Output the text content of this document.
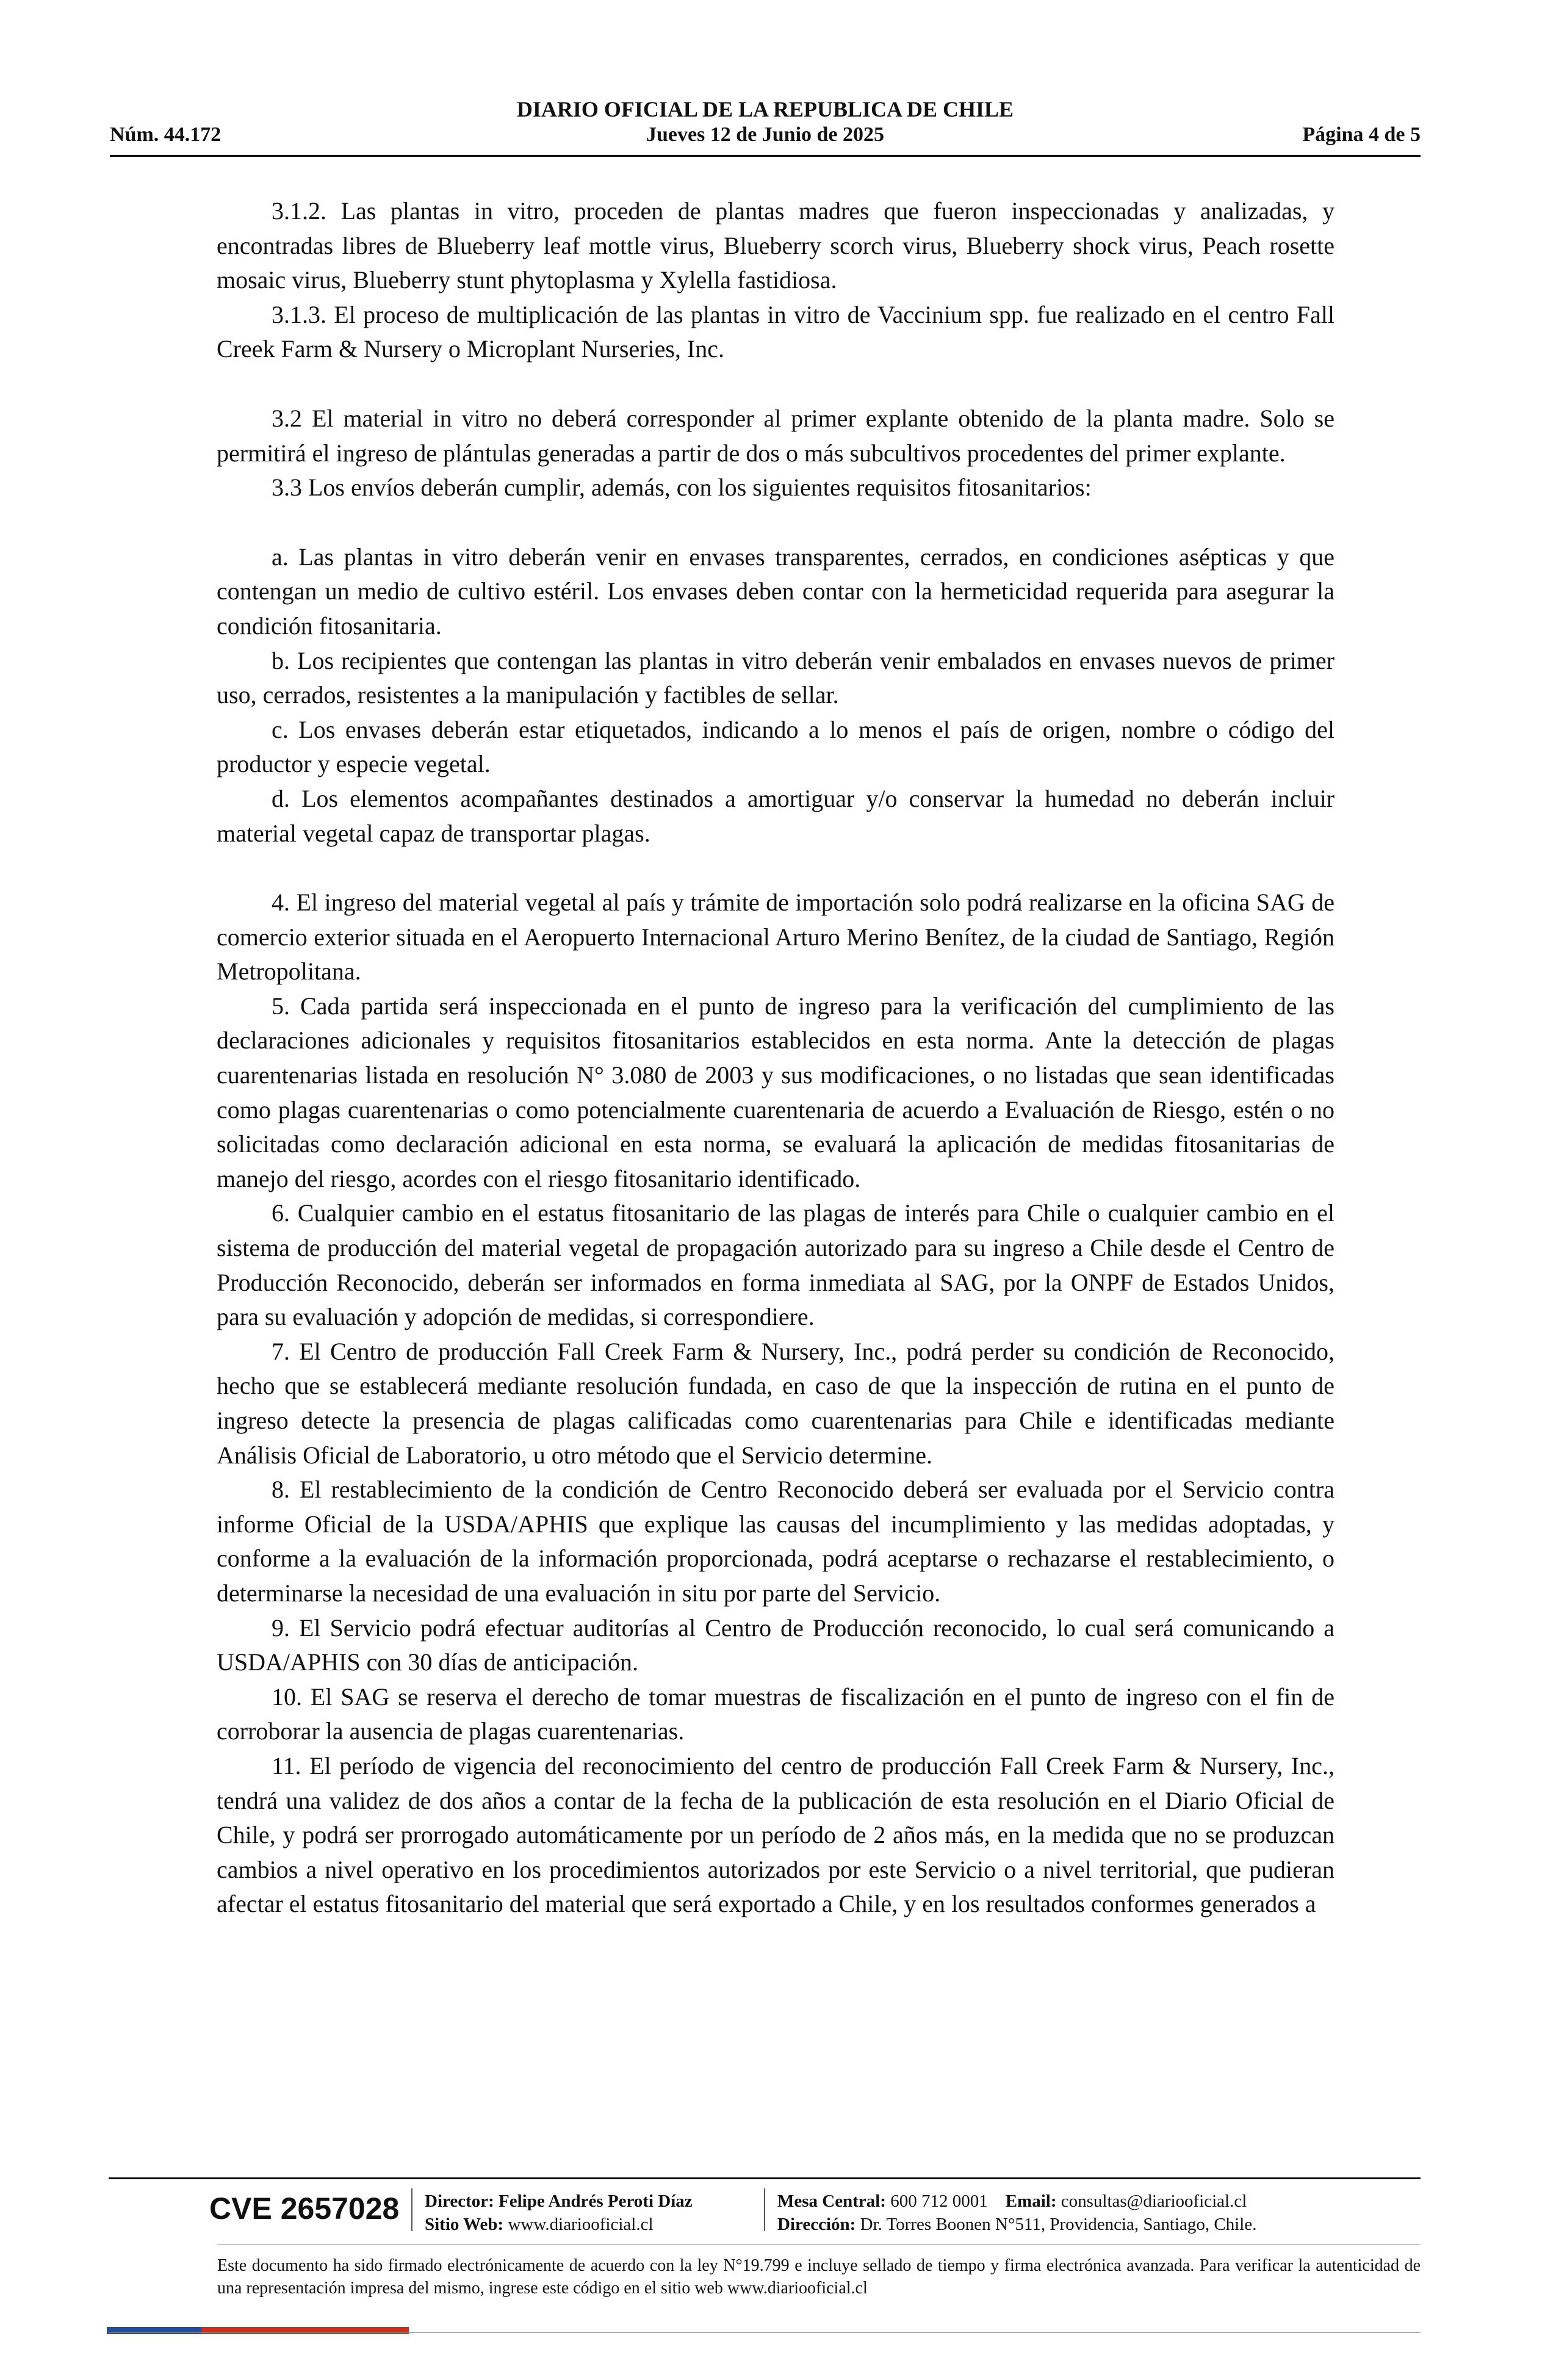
DIARIO OFICIAL DE LA REPUBLICA DE CHILE
Núm. 44.172	Jueves 12 de Junio de 2025	Página 4 de 5

3.1.2. Las plantas in vitro, proceden de plantas madres que fueron inspeccionadas y analizadas, y encontradas libres de Blueberry leaf mottle virus, Blueberry scorch virus, Blueberry shock virus, Peach rosette mosaic virus, Blueberry stunt phytoplasma y Xylella fastidiosa.

3.1.3. El proceso de multiplicación de las plantas in vitro de Vaccinium spp. fue realizado en el centro Fall Creek Farm & Nursery o Microplant Nurseries, Inc.

3.2 El material in vitro no deberá corresponder al primer explante obtenido de la planta madre. Solo se permitirá el ingreso de plántulas generadas a partir de dos o más subcultivos procedentes del primer explante.

3.3 Los envíos deberán cumplir, además, con los siguientes requisitos fitosanitarios:

a. Las plantas in vitro deberán venir en envases transparentes, cerrados, en condiciones asépticas y que contengan un medio de cultivo estéril. Los envases deben contar con la hermeticidad requerida para asegurar la condición fitosanitaria.

b. Los recipientes que contengan las plantas in vitro deberán venir embalados en envases nuevos de primer uso, cerrados, resistentes a la manipulación y factibles de sellar.

c. Los envases deberán estar etiquetados, indicando a lo menos el país de origen, nombre o código del productor y especie vegetal.

d. Los elementos acompañantes destinados a amortiguar y/o conservar la humedad no deberán incluir material vegetal capaz de transportar plagas.

4. El ingreso del material vegetal al país y trámite de importación solo podrá realizarse en la oficina SAG de comercio exterior situada en el Aeropuerto Internacional Arturo Merino Benítez, de la ciudad de Santiago, Región Metropolitana.

5. Cada partida será inspeccionada en el punto de ingreso para la verificación del cumplimiento de las declaraciones adicionales y requisitos fitosanitarios establecidos en esta norma. Ante la detección de plagas cuarentenarias listada en resolución N° 3.080 de 2003 y sus modificaciones, o no listadas que sean identificadas como plagas cuarentenarias o como potencialmente cuarentenaria de acuerdo a Evaluación de Riesgo, estén o no solicitadas como declaración adicional en esta norma, se evaluará la aplicación de medidas fitosanitarias de manejo del riesgo, acordes con el riesgo fitosanitario identificado.

6. Cualquier cambio en el estatus fitosanitario de las plagas de interés para Chile o cualquier cambio en el sistema de producción del material vegetal de propagación autorizado para su ingreso a Chile desde el Centro de Producción Reconocido, deberán ser informados en forma inmediata al SAG, por la ONPF de Estados Unidos, para su evaluación y adopción de medidas, si correspondiere.

7. El Centro de producción Fall Creek Farm & Nursery, Inc., podrá perder su condición de Reconocido, hecho que se establecerá mediante resolución fundada, en caso de que la inspección de rutina en el punto de ingreso detecte la presencia de plagas calificadas como cuarentenarias para Chile e identificadas mediante Análisis Oficial de Laboratorio, u otro método que el Servicio determine.

8. El restablecimiento de la condición de Centro Reconocido deberá ser evaluada por el Servicio contra informe Oficial de la USDA/APHIS que explique las causas del incumplimiento y las medidas adoptadas, y conforme a la evaluación de la información proporcionada, podrá aceptarse o rechazarse el restablecimiento, o determinarse la necesidad de una evaluación in situ por parte del Servicio.

9. El Servicio podrá efectuar auditorías al Centro de Producción reconocido, lo cual será comunicando a USDA/APHIS con 30 días de anticipación.

10. El SAG se reserva el derecho de tomar muestras de fiscalización en el punto de ingreso con el fin de corroborar la ausencia de plagas cuarentenarias.

11. El período de vigencia del reconocimiento del centro de producción Fall Creek Farm & Nursery, Inc., tendrá una validez de dos años a contar de la fecha de la publicación de esta resolución en el Diario Oficial de Chile, y podrá ser prorrogado automáticamente por un período de 2 años más, en la medida que no se produzcan cambios a nivel operativo en los procedimientos autorizados por este Servicio o a nivel territorial, que pudieran afectar el estatus fitosanitario del material que será exportado a Chile, y en los resultados conformes generados a

CVE 2657028 Director: Felipe Andrés Peroti Díaz
Sitio Web: www.diariooficial.cl
Mesa Central: 600 712 0001 Email: consultas@diariooficial.cl
Dirección: Dr. Torres Boonen N°511, Providencia, Santiago, Chile.
Este documento ha sido firmado electrónicamente de acuerdo con la ley N°19.799 e incluye sellado de tiempo y firma electrónica avanzada. Para verificar la autenticidad de una representación impresa del mismo, ingrese este código en el sitio web www.diariooficial.cl
